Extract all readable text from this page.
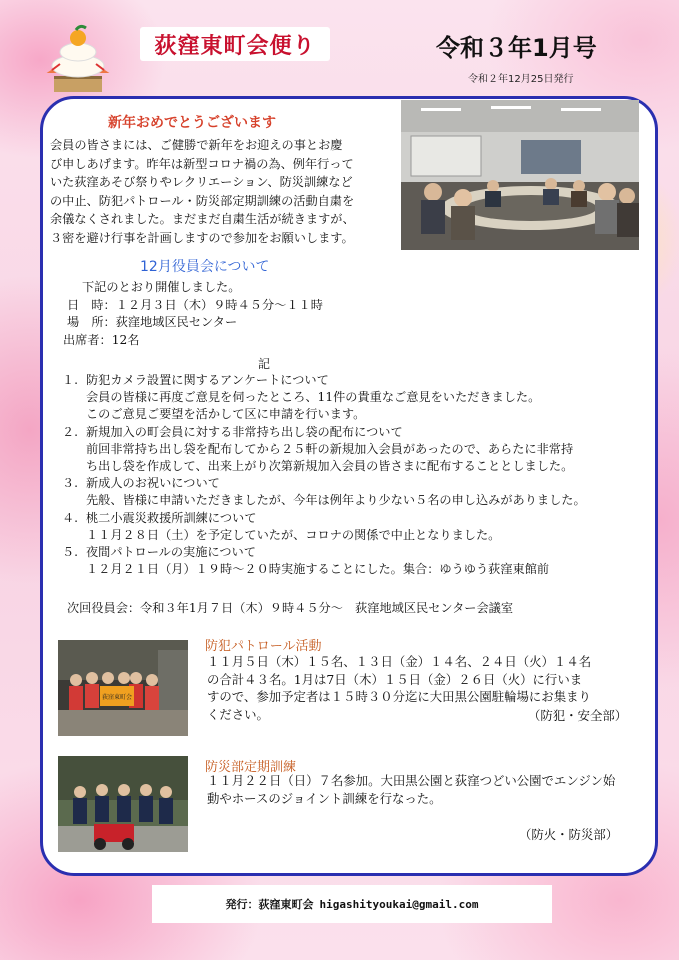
荻窪東町会便り	令和３年1月号
令和２年12月25日発行
新年おめでとうございます
会員の皆さまには、ご健勝で新年をお迎えの事とお慶
び申しあげます。昨年は新型コロナ禍の為、例年行って
いた荻窪あそび祭りやレクリエーション、防災訓練など
の中止、防犯パトロール・防災部定期訓練の活動自粛を
余儀なくされました。まだまだ自粛生活が続きますが、
３密を避け行事を計画しますので参加をお願いします。
12月役員会について
下記のとおり開催しました。
日　時：１２月３日（木）９時４５分〜１１時
場　所：荻窪地域区民センター
出席者：12名
記
１. 防犯カメラ設置に関するアンケートについて
会員の皆様に再度ご意見を伺ったところ、11件の貴重なご意見をいただきました。
このご意見ご要望を活かして区に申請を行います。
２. 新規加入の町会員に対する非常持ち出し袋の配布について
前回非常持ち出し袋を配布してから２５軒の新規加入会員があったので、あらたに非常持
ち出し袋を作成して、出来上がり次第新規加入会員の皆さまに配布することとしました。
３. 新成人のお祝いについて
先般、皆様に申請いただきましたが、今年は例年より少ない５名の申し込みがありました。
４. 桃二小震災救援所訓練について
１１月２８日（土）を予定していたが、コロナの関係で中止となりました。
５. 夜間パトロールの実施について
１２月２１日（月）１９時〜２０時実施することにした。集合：ゆうゆう荻窪東館前
次回役員会：令和３年1月７日（木）９時４５分〜　荻窪地域区民センター会議室
荻窪東町会
防犯パトロール活動
１１月５日（木）１５名、１３日（金）１４名、２４日（火）１４名
の合計４３名。1月は7日（木）１５日（金）２６日（火）に行いま
すので、参加予定者は１５時３０分迄に大田黒公園駐輪場にお集まり
ください。	（防犯・安全部）
防災部定期訓練
１１月２２日（日）７名参加。大田黒公園と荻窪つどい公園でエンジン始
動やホースのジョイント訓練を行なった。
（防火・防災部）
発行：荻窪東町会 higashityoukai@gmail.com
